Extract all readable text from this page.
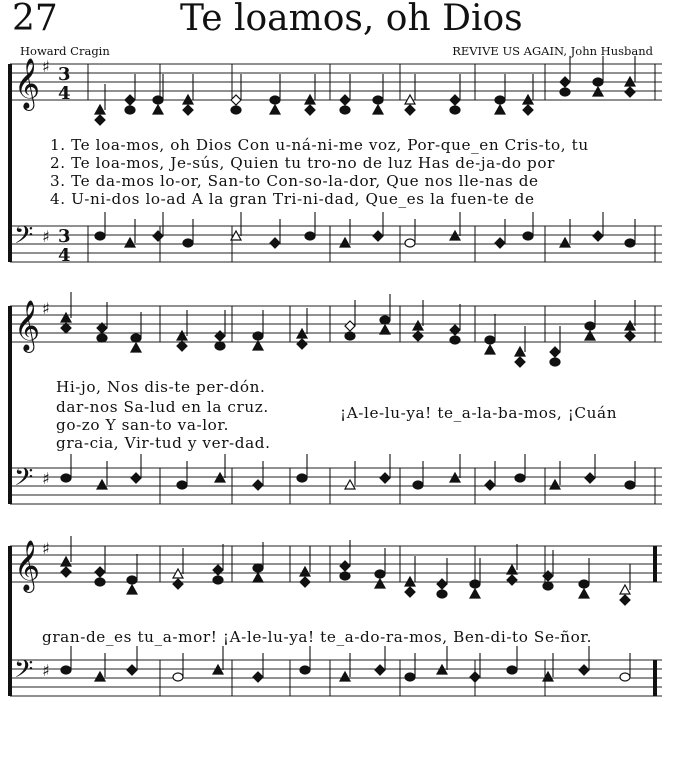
27	Te loamos, oh Dios
Howard Cragin	REVIVE US AGAIN, John Husband
𝄞 ♯ 3
4
𝄢 ♯ 3
4
𝄞 ♯
𝄢 ♯
𝄞 ♯
𝄢 ♯
1. Te loa-mos, oh Dios Con u-ná-ni-me voz, Por-que_en Cris-to, tu
2. Te loa-mos, Je-sús, Quien tu tro-no de luz Has de-ja-do por
3. Te da-mos lo-or, San-to Con-so-la-dor, Que nos lle-nas de
4. U-ni-dos lo-ad A la gran Tri-ni-dad, Que_es la fuen-te de
Hi-jo, Nos dis-te per-dón.
dar-nos Sa-lud en la cruz.
go-zo Y san-to va-lor.
gra-cia, Vir-tud y ver-dad.
¡A-le-lu-ya! te_a-la-ba-mos, ¡Cuán
gran-de_es tu_a-mor! ¡A-le-lu-ya! te_a-do-ra-mos, Ben-di-to Se-ñor.
